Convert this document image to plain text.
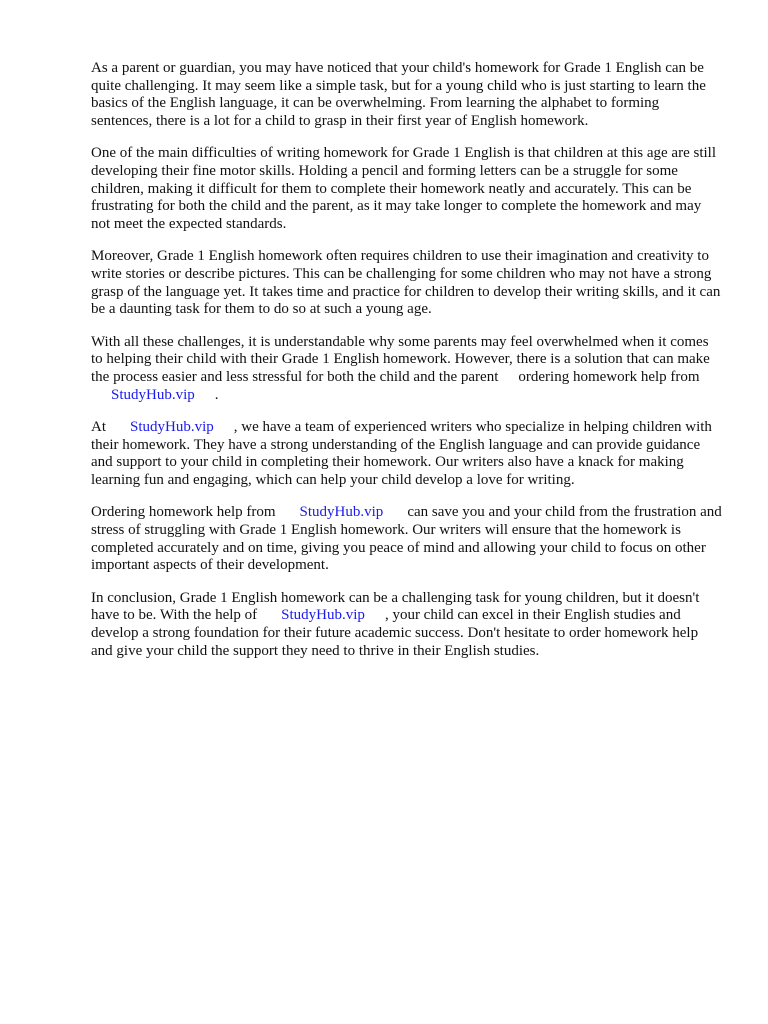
As a parent or guardian, you may have noticed that your child's homework for Grade 1 English can be quite challenging. It may seem like a simple task, but for a young child who is just starting to learn the basics of the English language, it can be overwhelming. From learning the alphabet to forming sentences, there is a lot for a child to grasp in their first year of English homework.

One of the main difficulties of writing homework for Grade 1 English is that children at this age are still developing their fine motor skills. Holding a pencil and forming letters can be a struggle for some children, making it difficult for them to complete their homework neatly and accurately. This can be frustrating for both the child and the parent, as it may take longer to complete the homework and may not meet the expected standards.

Moreover, Grade 1 English homework often requires children to use their imagination and creativity to write stories or describe pictures. This can be challenging for some children who may not have a strong grasp of the language yet. It takes time and practice for children to develop their writing skills, and it can be a daunting task for them to do so at such a young age.

With all these challenges, it is understandable why some parents may feel overwhelmed when it comes to helping their child with their Grade 1 English homework. However, there is a solution that can make the process easier and less stressful for both the child and the parent ordering homework help from StudyHub.vip .

At StudyHub.vip , we have a team of experienced writers who specialize in helping children with their homework. They have a strong understanding of the English language and can provide guidance and support to your child in completing their homework. Our writers also have a knack for making learning fun and engaging, which can help your child develop a love for writing.

Ordering homework help from StudyHub.vip can save you and your child from the frustration and stress of struggling with Grade 1 English homework. Our writers will ensure that the homework is completed accurately and on time, giving you peace of mind and allowing your child to focus on other important aspects of their development.

In conclusion, Grade 1 English homework can be a challenging task for young children, but it doesn't have to be. With the help of StudyHub.vip , your child can excel in their English studies and develop a strong foundation for their future academic success. Don't hesitate to order homework help and give your child the support they need to thrive in their English studies.
